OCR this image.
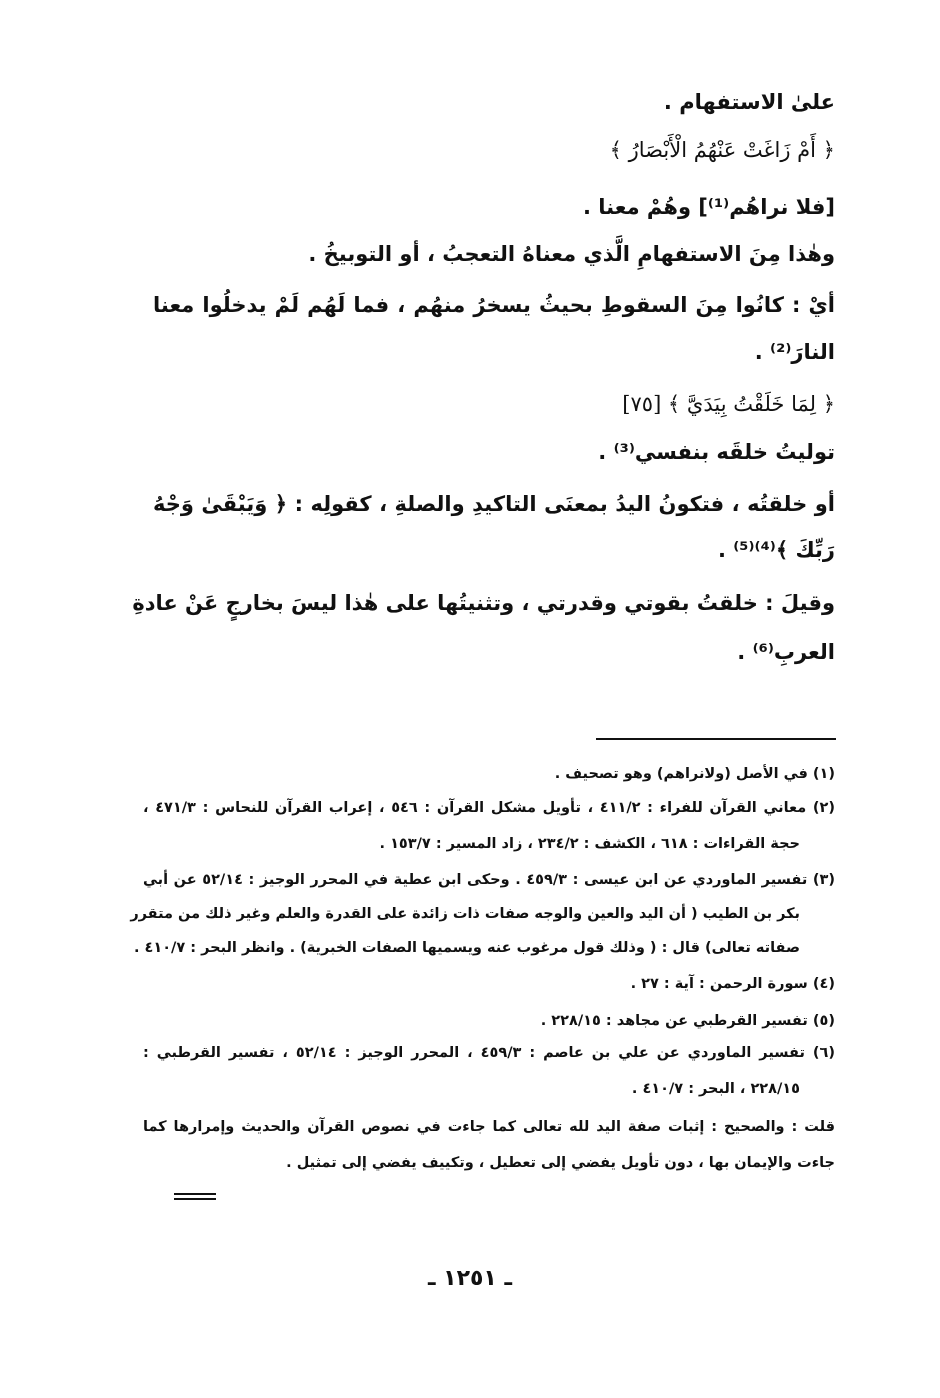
علىٰ الاستفهام .
﴿ أَمْ زَاغَتْ عَنْهُمُ الْأَبْصَارُ ﴾
[فلا نراهُم⁽¹⁾] وهُمْ معنا .
وهٰذا مِنَ الاستفهامِ الَّذي معناهُ التعجبُ ، أو التوبيخُ .
أيْ : كانُوا مِنَ السقوطِ بحيثُ يسخرُ منهُم ، فما لَهُم لَمْ يدخلُوا معنا
النارَ⁽²⁾ .
﴿ لِمَا خَلَقْتُ بِيَدَيَّ ﴾ [٧٥]
توليتُ خلقَه بنفسي⁽³⁾ .
أو خلقتُه ، فتكونُ اليدُ بمعنَى التاكيدِ والصلةِ ، كقولِه : ﴿ وَيَبْقَىٰ وَجْهُ
رَبِّكَ ﴾⁽⁴⁾⁽⁵⁾ .
وقيلَ : خلقتُ بقوتي وقدرتي ، وتثنيتُها على هٰذا ليسَ بخارجٍ عَنْ عادةِ
العربِ⁽⁶⁾ .
(١) في الأصل (ولانراهم) وهو تصحيف .
(٢) معاني القرآن للفراء : ٤١١/٢ ، تأويل مشكل القرآن : ٥٤٦ ، إعراب القرآن للنحاس : ٤٧١/٣ ،
حجة القراءات : ٦١٨ ، الكشف : ٢٣٤/٢ ، زاد المسير : ١٥٣/٧ .
(٣) تفسير الماوردي عن ابن عيسى : ٤٥٩/٣ . وحكى ابن عطية في المحرر الوجيز : ٥٢/١٤ عن أبي
بكر بن الطيب ( أن اليد والعين والوجه صفات ذات زائدة على القدرة والعلم وغير ذلك من متقرر
صفاته تعالى) قال : ( وذلك قول مرغوب عنه ويسميها الصفات الخبرية) . وانظر البحر : ٤١٠/٧ .
(٤) سورة الرحمن : آية : ٢٧ .
(٥) تفسير القرطبي عن مجاهد : ٢٢٨/١٥ .
(٦) تفسير الماوردي عن علي بن عاصم : ٤٥٩/٣ ، المحرر الوجيز : ٥٢/١٤ ، تفسير القرطبي :
٢٢٨/١٥ ، البحر : ٤١٠/٧ .
قلت : والصحيح : إثبات صفة اليد لله تعالى كما جاءت في نصوص القرآن والحديث وإمرارها كما
جاءت والإيمان بها ، دون تأويل يفضي إلى تعطيل ، وتكييف يفضي إلى تمثيل .
ـ ١٢٥١ ـ
